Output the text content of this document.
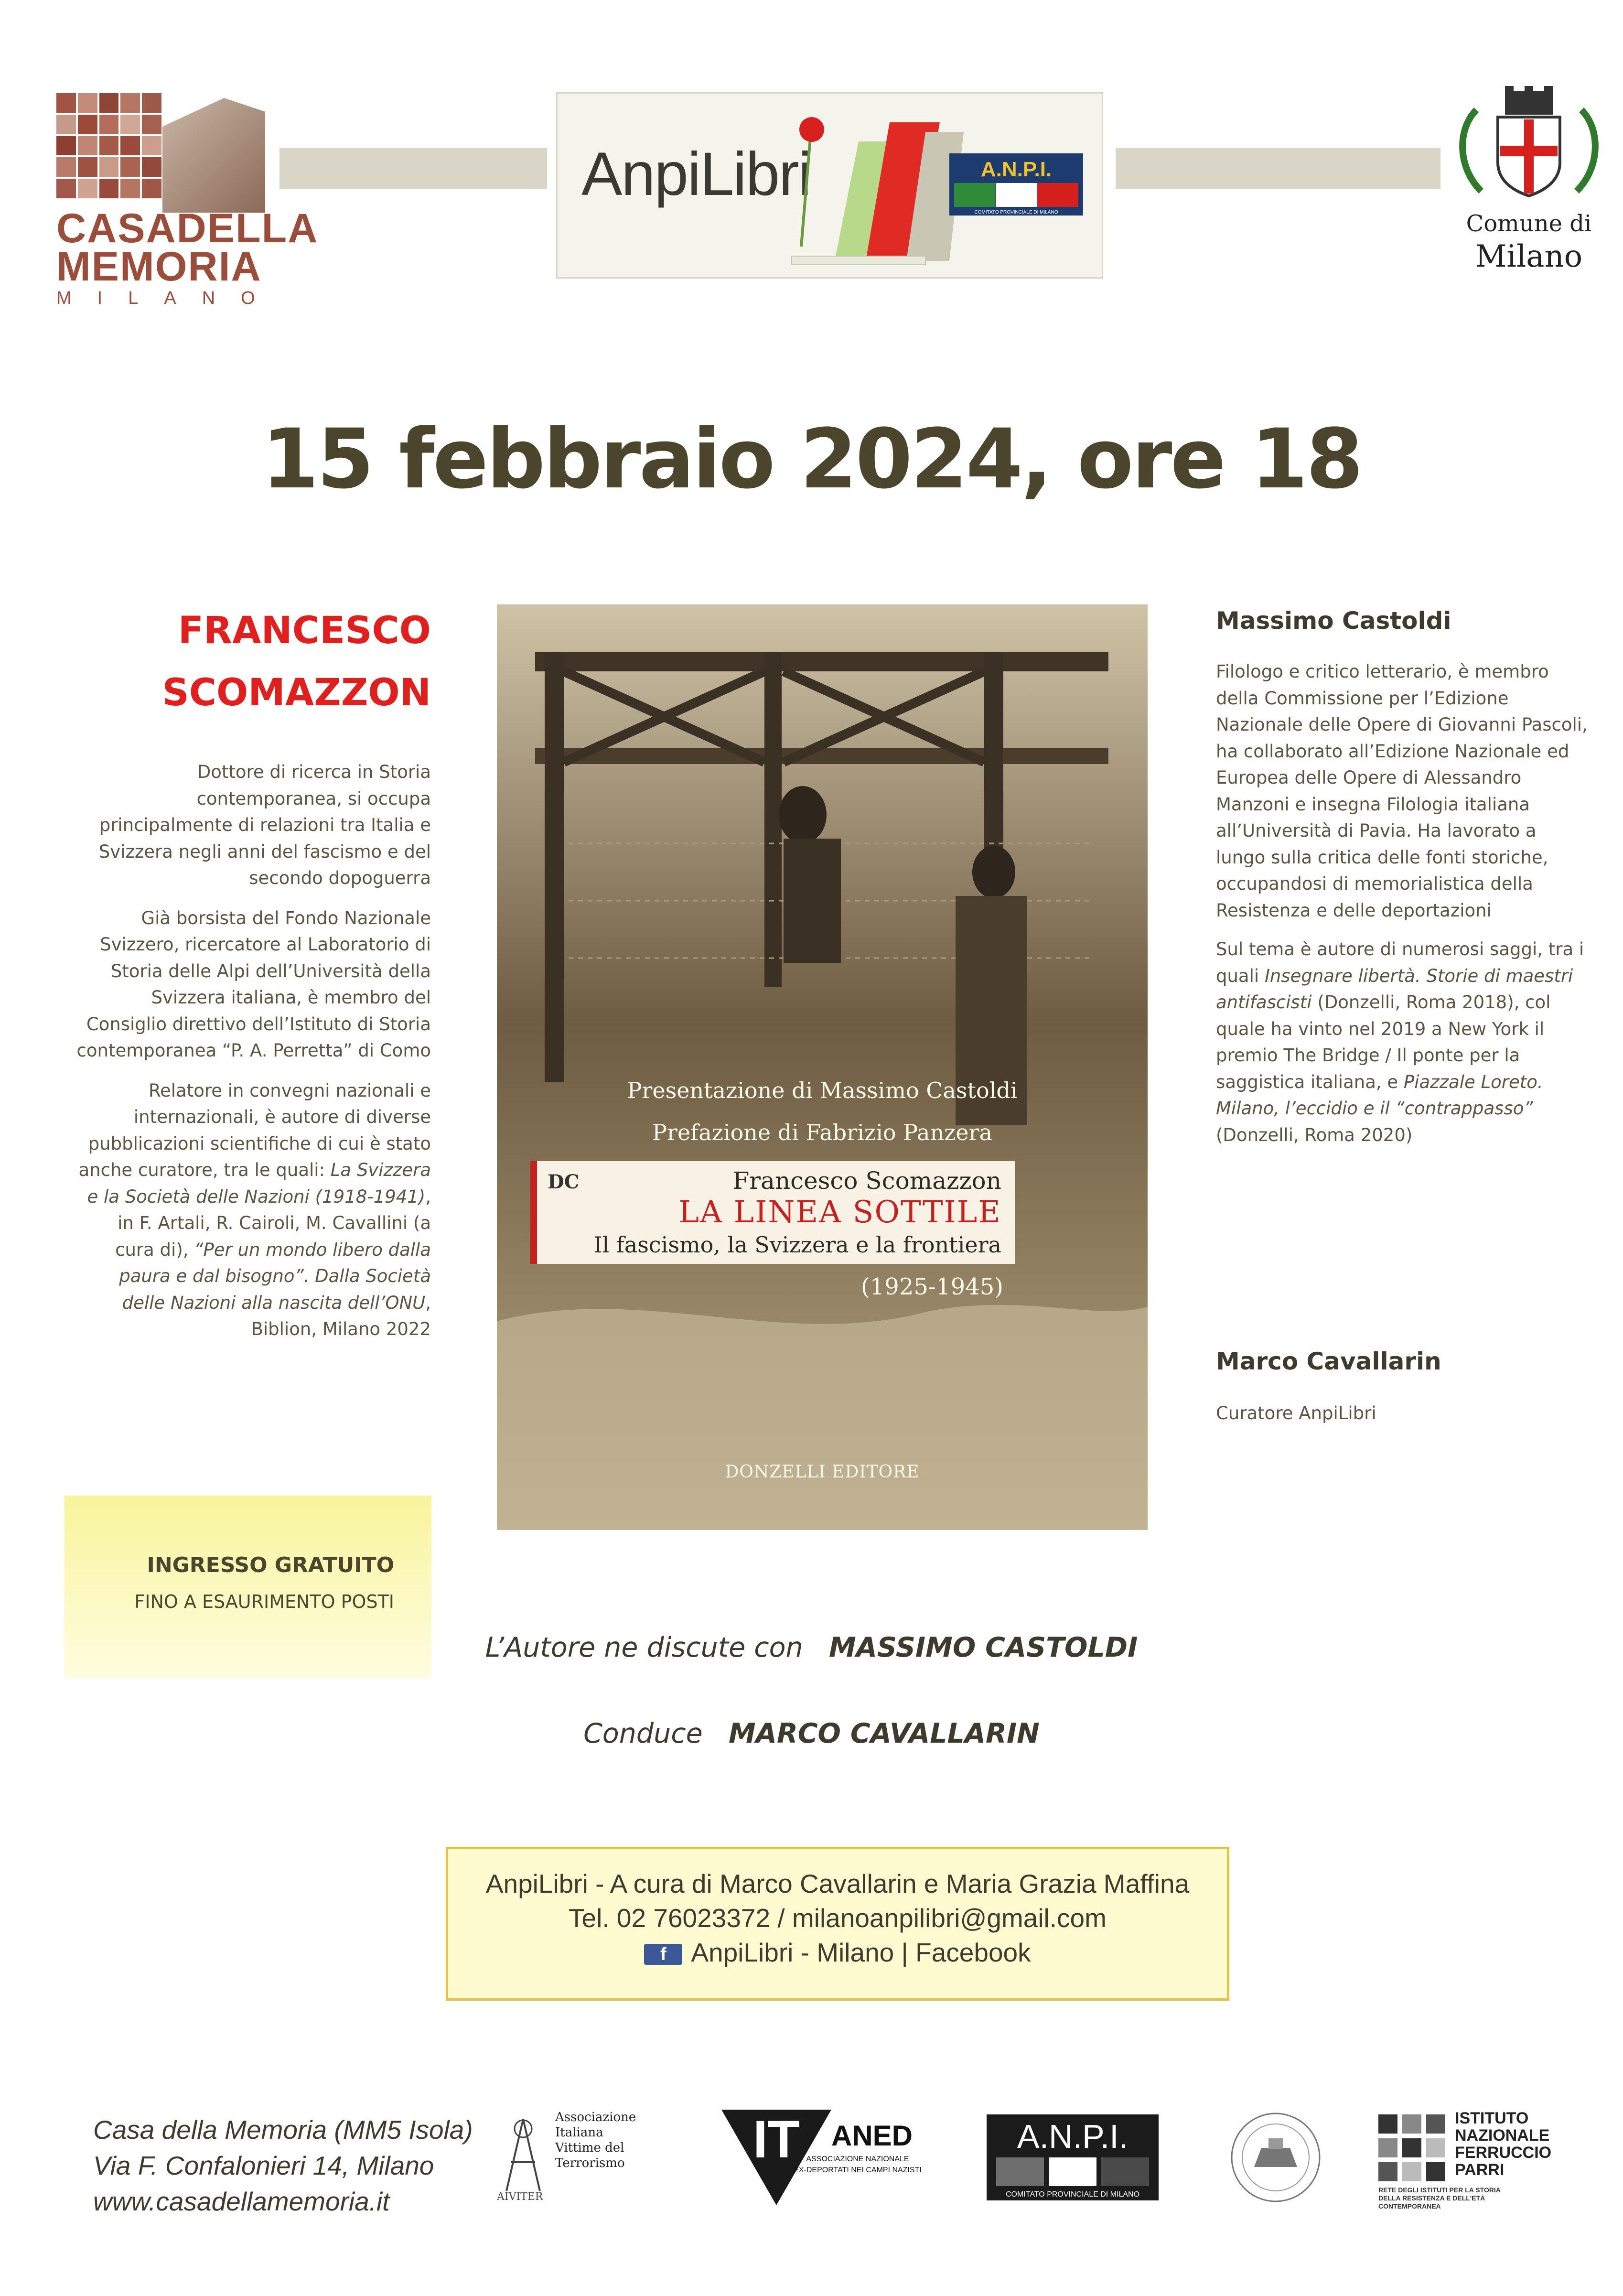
CASADELLA
MEMORIA
MILANO
AnpiLibri	A.N.P.I.
COMITATO PROVINCIALE DI MILANO	Comune di
Milano
15 febbraio 2024, ore 18
FRANCESCO
SCOMAZZON

Dottore di ricerca in Storia contemporanea, si occupa principalmente di relazioni tra Italia e Svizzera negli anni del fascismo e del secondo dopoguerra

Già borsista del Fondo Nazionale Svizzero, ricercatore al Laboratorio di Storia delle Alpi dell’Università della Svizzera italiana, è membro del Consiglio direttivo dell’Istituto di Storia contemporanea “P. A. Perretta” di Como

Relatore in convegni nazionali e internazionali, è autore di diverse pubblicazioni scientifiche di cui è stato anche curatore, tra le quali: La Svizzera e la Società delle Nazioni (1918-1941), in F. Artali, R. Cairoli, M. Cavallini (a cura di), “Per un mondo libero dalla paura e dal bisogno”. Dalla Società delle Nazioni alla nascita dell’ONU, Biblion, Milano 2022

INGRESSO GRATUITO
FINO A ESAURIMENTO POSTI
Presentazione di Massimo Castoldi
Prefazione di Fabrizio Panzera
DC	Francesco Scomazzon
LA LINEA SOTTILE
Il fascismo, la Svizzera e la frontiera
(1925-1945)
DONZELLI EDITORE
Massimo Castoldi

Filologo e critico letterario, è membro della Commissione per l’Edizione Nazionale delle Opere di Giovanni Pascoli, ha collaborato all’Edizione Nazionale ed Europea delle Opere di Alessandro Manzoni e insegna Filologia italiana all’Università di Pavia. Ha lavorato a lungo sulla critica delle fonti storiche, occupandosi di memorialistica della Resistenza e delle deportazioni

Sul tema è autore di numerosi saggi, tra i quali Insegnare libertà. Storie di maestri antifascisti (Donzelli, Roma 2018), col quale ha vinto nel 2019 a New York il premio The Bridge / Il ponte per la saggistica italiana, e Piazzale Loreto. Milano, l’eccidio e il “contrappasso” (Donzelli, Roma 2020)

Marco Cavallarin
Curatore AnpiLibri
L’Autore ne discute con MASSIMO CASTOLDI
Conduce MARCO CAVALLARIN
AnpiLibri - A cura di Marco Cavallarin e Maria Grazia Maffina
Tel. 02 76023372 / milanoanpilibri@gmail.com
f AnpiLibri - Milano | Facebook
Casa della Memoria (MM5 Isola)
Via F. Confalonieri 14, Milano
www.casadellamemoria.it	AIVITER
Associazione
Italiana
Vittime del
Terrorismo IT ANED
ASSOCIAZIONE NAZIONALE
EX-DEPORTATI NEI CAMPI NAZISTI
A.N.P.I.
COMITATO PROVINCIALE DI MILANO
ISTITUTO
NAZIONALE
FERRUCCIO
PARRI
RETE DEGLI ISTITUTI PER LA STORIA
DELLA RESISTENZA E DELL'ETÀ
CONTEMPORANEA
